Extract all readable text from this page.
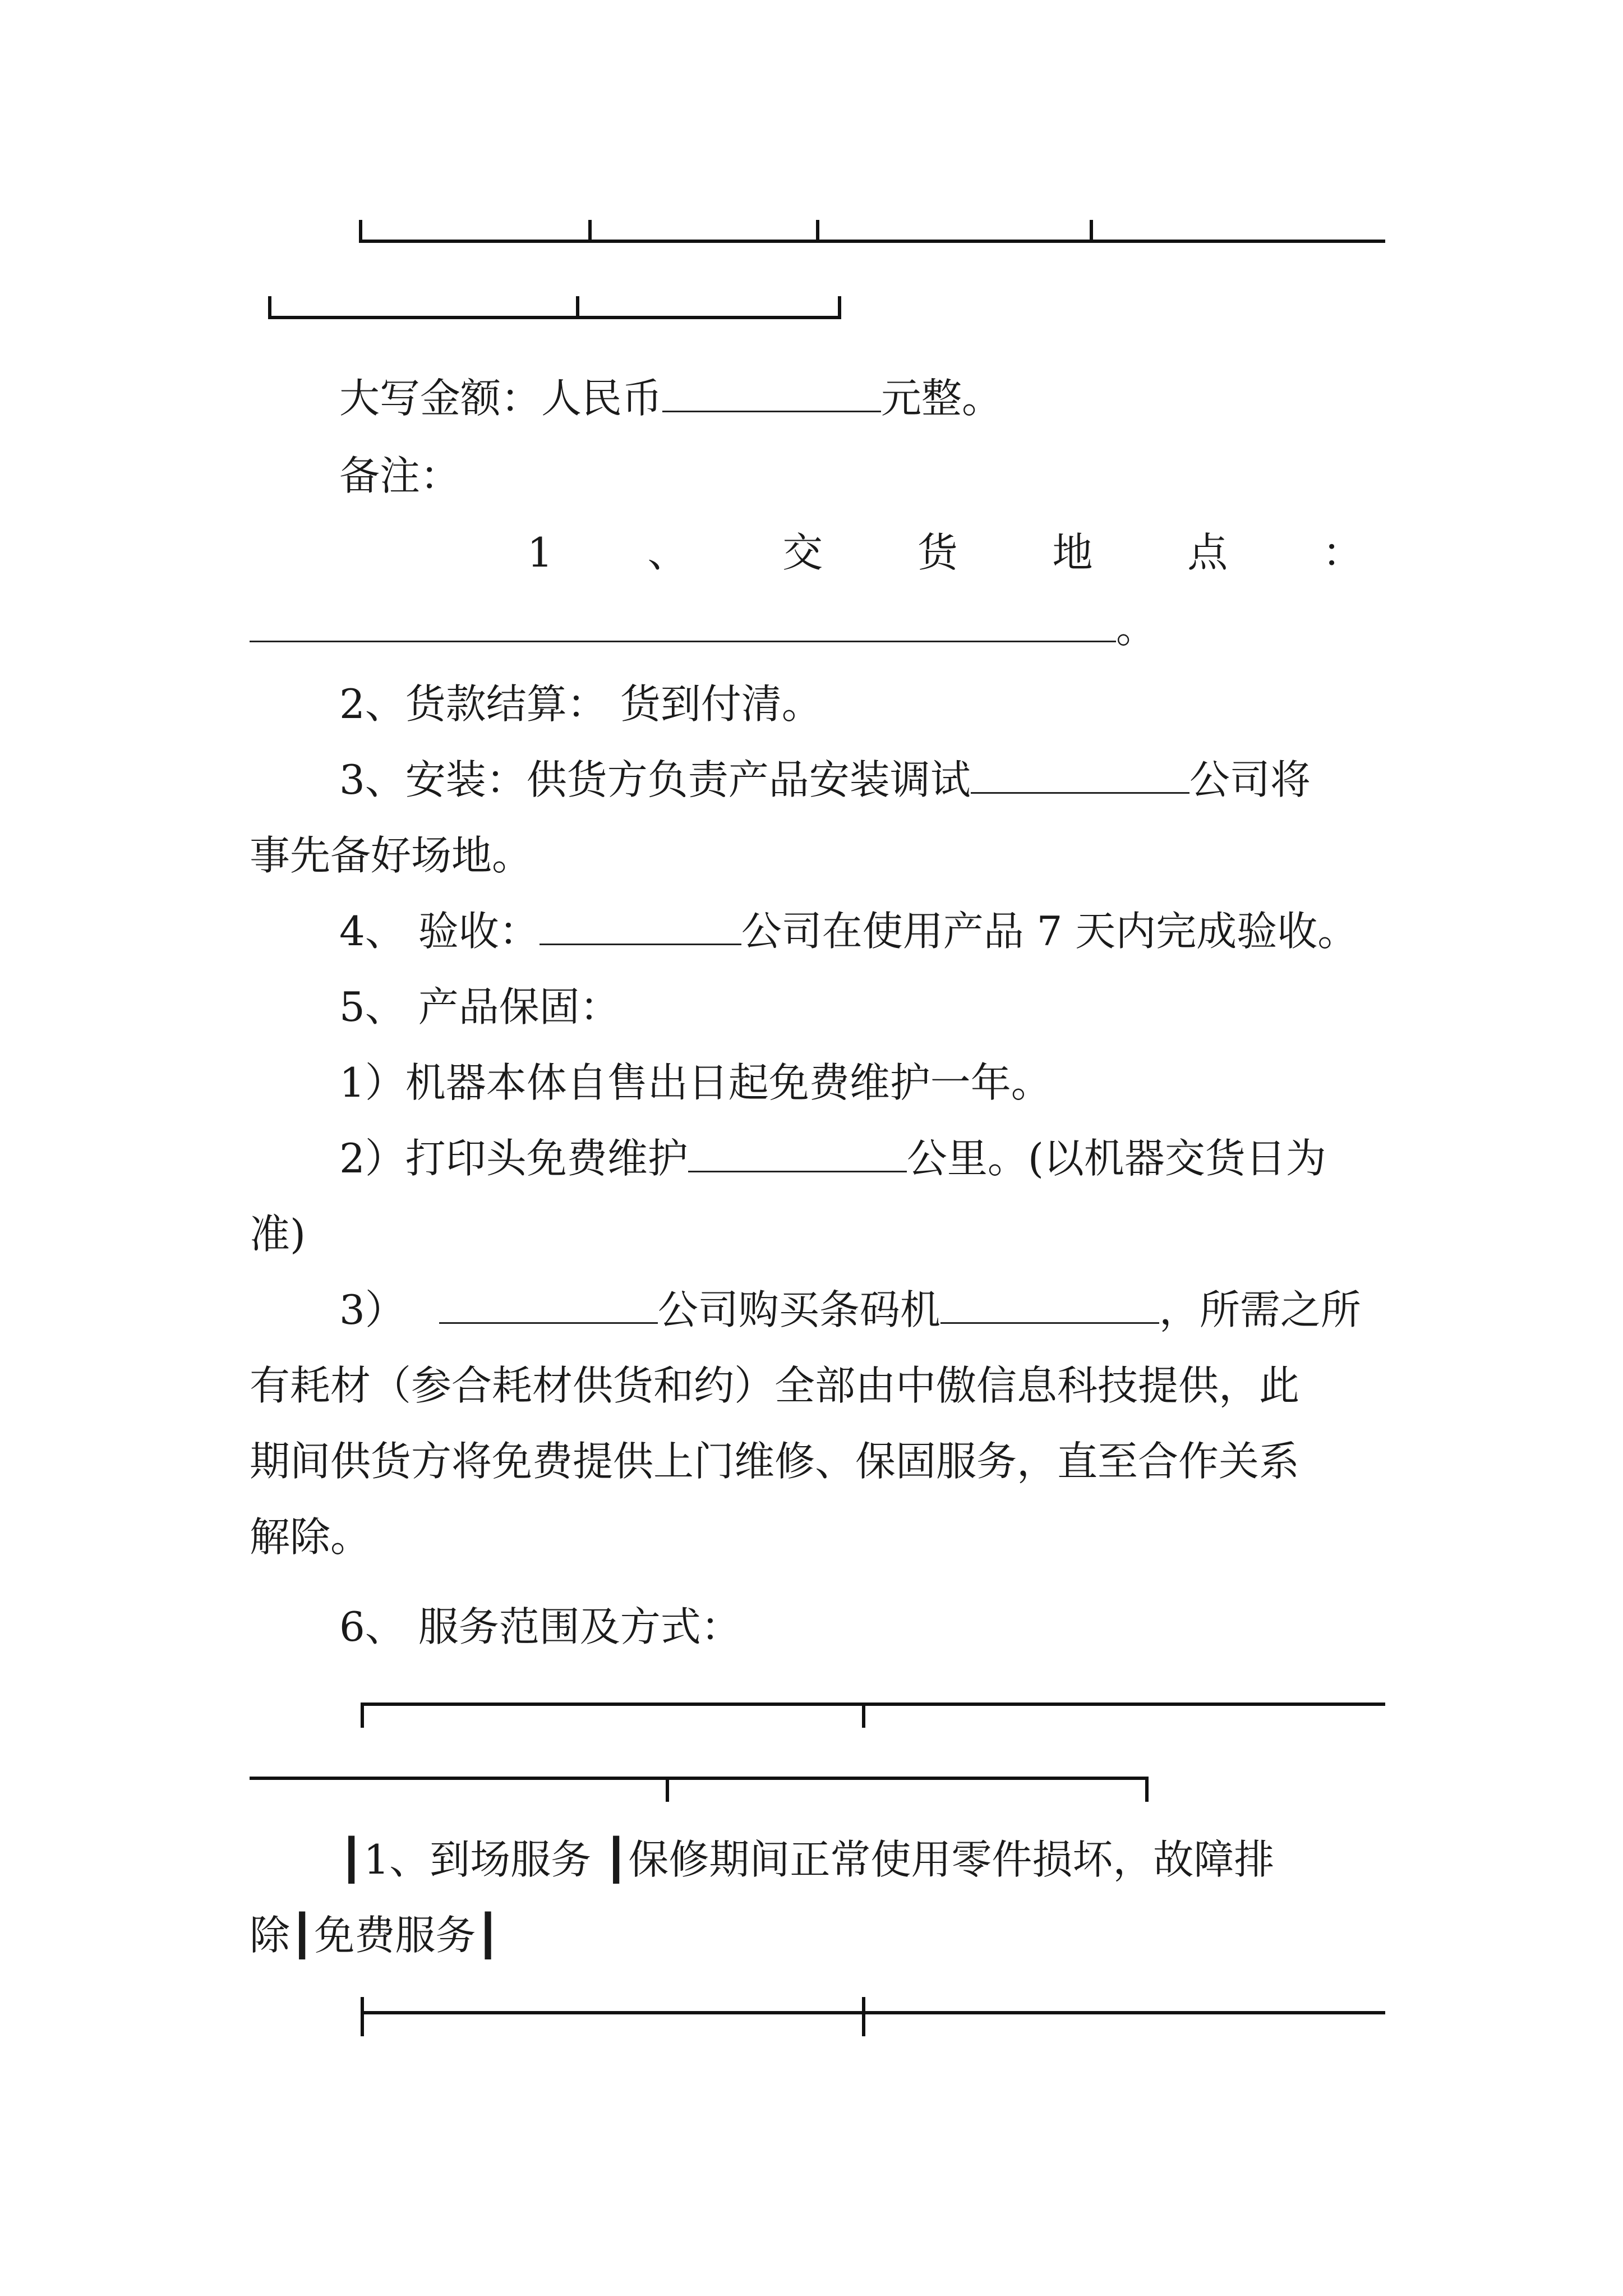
大写金额：人民币	元整。
备注：
1 、 交 货 地 点 ：
。
2、货款结算： 货到付清。
3、安装：供货方负责产品安装调试	公司将
事先备好场地。
4、 验收：	公司在使用产品 7 天内完成验收。
5、 产品保固：
1）机器本体自售出日起免费维护一年。
2）打印头免费维护	公里。(以机器交货日为
准)
3）	公司购买条码机	，所需之所
有耗材（参合耗材供货和约）全部由中傲信息科技提供，此
期间供货方将免费提供上门维修、保固服务，直至合作关系
解除。
6、 服务范围及方式：
┃1、到场服务 ┃保修期间正常使用零件损坏，故障排
除┃免费服务┃
